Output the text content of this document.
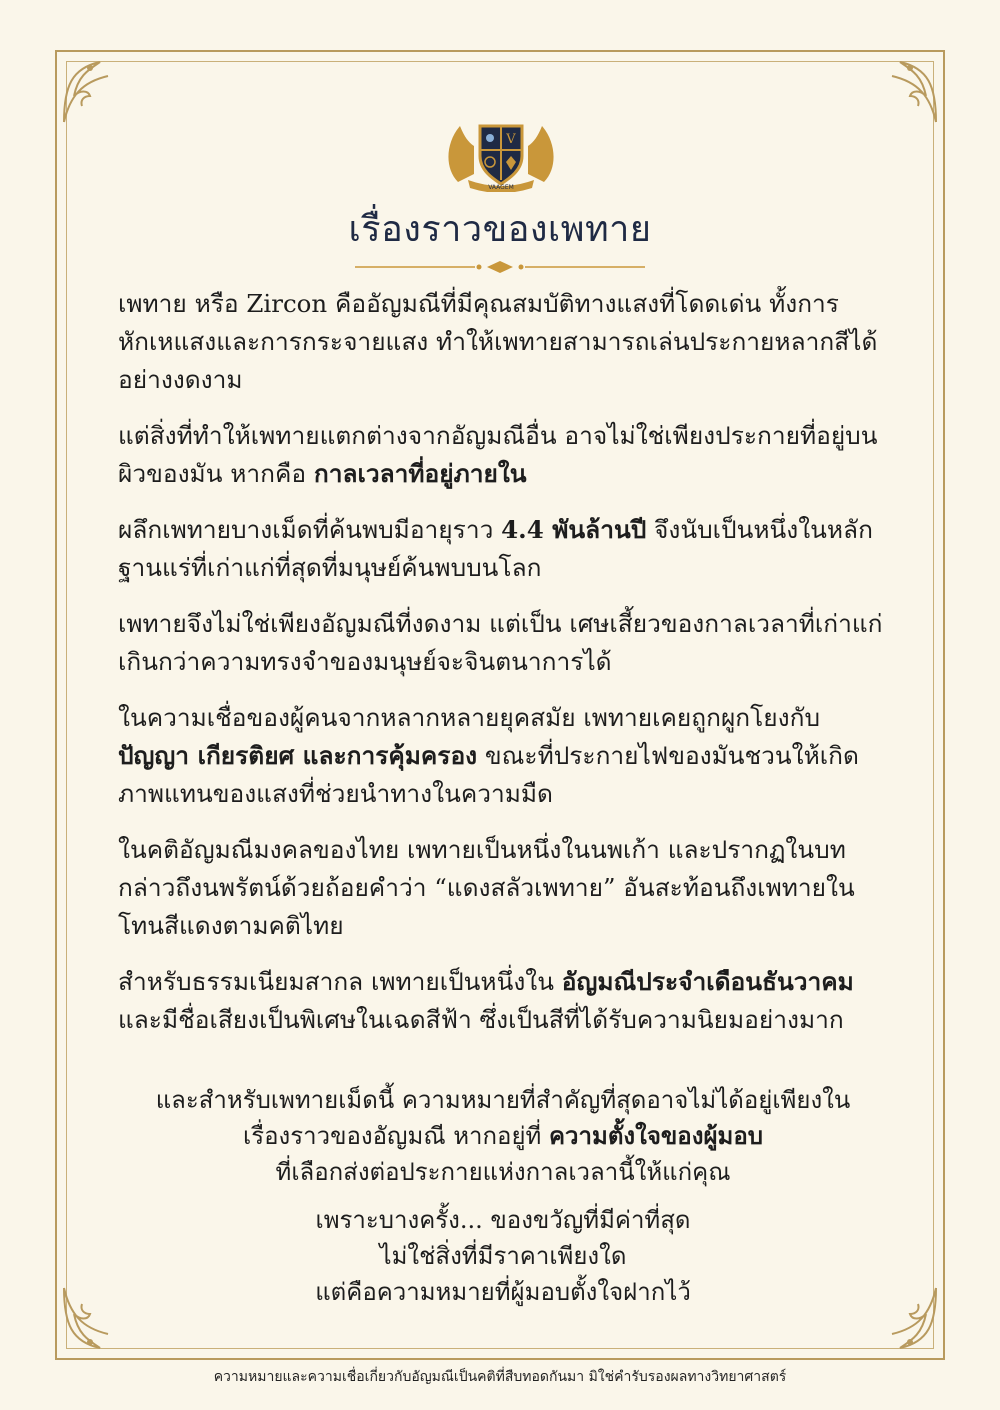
V
VAAGEM
เรื่องราวของเพทาย

เพทาย หรือ Zircon คืออัญมณีที่มีคุณสมบัติทางแสงที่โดดเด่น ทั้งการหักเหแสงและการกระจายแสง ทำให้เพทายสามารถเล่นประกายหลากสีได้อย่างงดงาม

แต่สิ่งที่ทำให้เพทายแตกต่างจากอัญมณีอื่น อาจไม่ใช่เพียงประกายที่อยู่บนผิวของมัน หากคือ กาลเวลาที่อยู่ภายใน

ผลึกเพทายบางเม็ดที่ค้นพบมีอายุราว 4.4 พันล้านปี จึงนับเป็นหนึ่งในหลักฐานแร่ที่เก่าแก่ที่สุดที่มนุษย์ค้นพบบนโลก

เพทายจึงไม่ใช่เพียงอัญมณีที่งดงาม แต่เป็น เศษเสี้ยวของกาลเวลาที่เก่าแก่เกินกว่าความทรงจำของมนุษย์จะจินตนาการได้

ในความเชื่อของผู้คนจากหลากหลายยุคสมัย เพทายเคยถูกผูกโยงกับ ปัญญา เกียรติยศ และการคุ้มครอง ขณะที่ประกายไฟของมันชวนให้เกิดภาพแทนของแสงที่ช่วยนำทางในความมืด

ในคติอัญมณีมงคลของไทย เพทายเป็นหนึ่งในนพเก้า และปรากฏในบทกล่าวถึงนพรัตน์ด้วยถ้อยคำว่า “แดงสลัวเพทาย” อันสะท้อนถึงเพทายในโทนสีแดงตามคติไทย

สำหรับธรรมเนียมสากล เพทายเป็นหนึ่งใน อัญมณีประจำเดือนธันวาคม และมีชื่อเสียงเป็นพิเศษในเฉดสีฟ้า ซึ่งเป็นสีที่ได้รับความนิยมอย่างมาก

และสำหรับเพทายเม็ดนี้ ความหมายที่สำคัญที่สุดอาจไม่ได้อยู่เพียงใน
เรื่องราวของอัญมณี หากอยู่ที่ ความตั้งใจของผู้มอบ
ที่เลือกส่งต่อประกายแห่งกาลเวลานี้ให้แก่คุณ

เพราะบางครั้ง... ของขวัญที่มีค่าที่สุด
ไม่ใช่สิ่งที่มีราคาเพียงใด
แต่คือความหมายที่ผู้มอบตั้งใจฝากไว้

ความหมายและความเชื่อเกี่ยวกับอัญมณีเป็นคติที่สืบทอดกันมา มิใช่คำรับรองผลทางวิทยาศาสตร์
